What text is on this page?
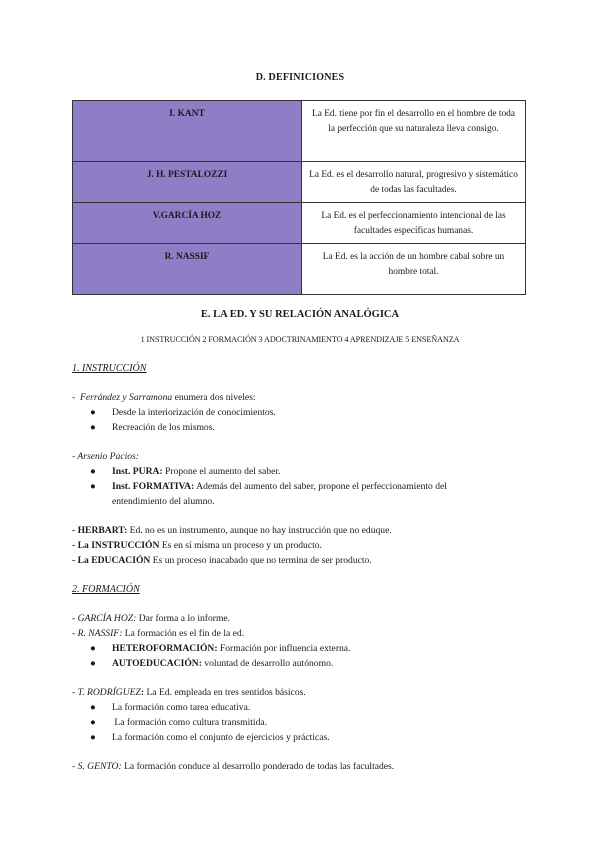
D. DEFINICIONES
I. KANT	La Ed. tiene por fin el desarrollo en el hombre de toda la perfección que su naturaleza lleva consigo.
J. H. PESTALOZZI	La Ed. es el desarrollo natural, progresivo y sistemático de todas las facultades.
V.GARCÍA HOZ	La Ed. es el perfeccionamiento intencional de las facultades específicas humanas.
R. NASSIF	La Ed. es la acción de un hombre cabal sobre un hombre total.
E. LA ED. Y SU RELACIÓN ANALÓGICA
1 INSTRUCCIÓN 2 FORMACIÓN 3 ADOCTRINAMIENTO 4 APRENDIZAJE 5 ENSEÑANZA
1. INSTRUCCIÓN
- Ferrández y Sarramona enumera dos niveles:
● Desde la interiorización de conocimientos.
● Recreación de los mismos.
- Arsenio Pacios:
● Inst. PURA: Propone el aumento del saber.
● Inst. FORMATIVA: Además del aumento del saber, propone el perfeccionamiento del
entendimiento del alumno.
- HERBART: Ed. no es un instrumento, aunque no hay instrucción que no eduque.
- La INSTRUCCIÓN Es en sí misma un proceso y un producto.
- La EDUCACIÓN Es un proceso inacabado que no termina de ser producto.
2. FORMACIÓN
- GARCÍA HOZ: Dar forma a lo informe.
- R. NASSIF: La formación es el fin de la ed.
● HETEROFORMACIÓN: Formación por influencia externa.
● AUTOEDUCACIÓN: voluntad de desarrollo autónomo.
- T. RODRÍGUEZ: La Ed. empleada en tres sentidos básicos.
● La formación como tarea educativa.
● La formación como cultura transmitida.
● La formación como el conjunto de ejercicios y prácticas.
- S. GENTO: La formación conduce al desarrollo ponderado de todas las facultades.
